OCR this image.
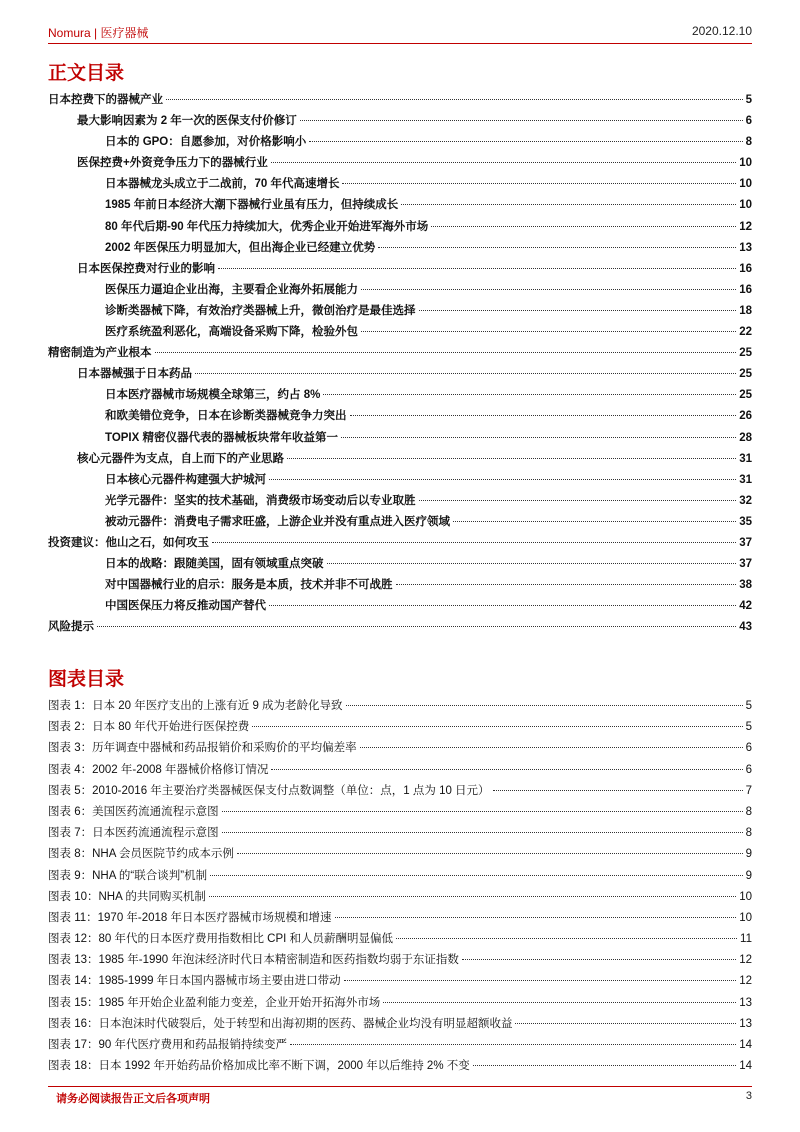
Nomura | 医疗器械	2020.12.10
正文目录
日本控费下的器械产业	5
最大影响因素为 2 年一次的医保支付价修订	6
日本的 GPO：自愿参加，对价格影响小	8
医保控费+外资竞争压力下的器械行业	10
日本器械龙头成立于二战前，70 年代高速增长	10
1985 年前日本经济大潮下器械行业虽有压力，但持续成长	10
80 年代后期-90 年代压力持续加大，优秀企业开始进军海外市场	12
2002 年医保压力明显加大，但出海企业已经建立优势	13
日本医保控费对行业的影响	16
医保压力逼迫企业出海，主要看企业海外拓展能力	16
诊断类器械下降，有效治疗类器械上升，微创治疗是最佳选择	18
医疗系统盈利恶化，高端设备采购下降，检验外包	22
精密制造为产业根本	25
日本器械强于日本药品	25
日本医疗器械市场规模全球第三，约占 8%	25
和欧美错位竞争，日本在诊断类器械竞争力突出	26
TOPIX 精密仪器代表的器械板块常年收益第一	28
核心元器件为支点，自上而下的产业思路	31
日本核心元器件构建强大护城河	31
光学元器件：坚实的技术基础，消费级市场变动后以专业取胜	32
被动元器件：消费电子需求旺盛，上游企业并没有重点进入医疗领域	35
投资建议：他山之石，如何攻玉	37
日本的战略：跟随美国，固有领域重点突破	37
对中国器械行业的启示：服务是本质，技术并非不可战胜	38
中国医保压力将反推动国产替代	42
风险提示	43
图表目录
图表 1：日本 20 年医疗支出的上涨有近 9 成为老龄化导致	5
图表 2：日本 80 年代开始进行医保控费	5
图表 3：历年调查中器械和药品报销价和采购价的平均偏差率	6
图表 4：2002 年-2008 年器械价格修订情况	6
图表 5：2010-2016 年主要治疗类器械医保支付点数调整（单位：点，1 点为 10 日元）	7
图表 6：美国医药流通流程示意图	8
图表 7：日本医药流通流程示意图	8
图表 8：NHA 会员医院节约成本示例	9
图表 9：NHA 的“联合谈判”机制	9
图表 10：NHA 的共同购买机制	10
图表 11：1970 年-2018 年日本医疗器械市场规模和增速	10
图表 12：80 年代的日本医疗费用指数相比 CPI 和人员薪酬明显偏低	11
图表 13：1985 年-1990 年泡沫经济时代日本精密制造和医药指数均弱于东证指数	12
图表 14：1985-1999 年日本国内器械市场主要由进口带动	12
图表 15：1985 年开始企业盈利能力变差，企业开始开拓海外市场	13
图表 16：日本泡沫时代破裂后，处于转型和出海初期的医药、器械企业均没有明显超额收益	13
图表 17：90 年代医疗费用和药品报销持续变严	14
图表 18：日本 1992 年开始药品价格加成比率不断下调，2000 年以后维持 2% 不变	14
请务必阅读报告正文后各项声明	3
